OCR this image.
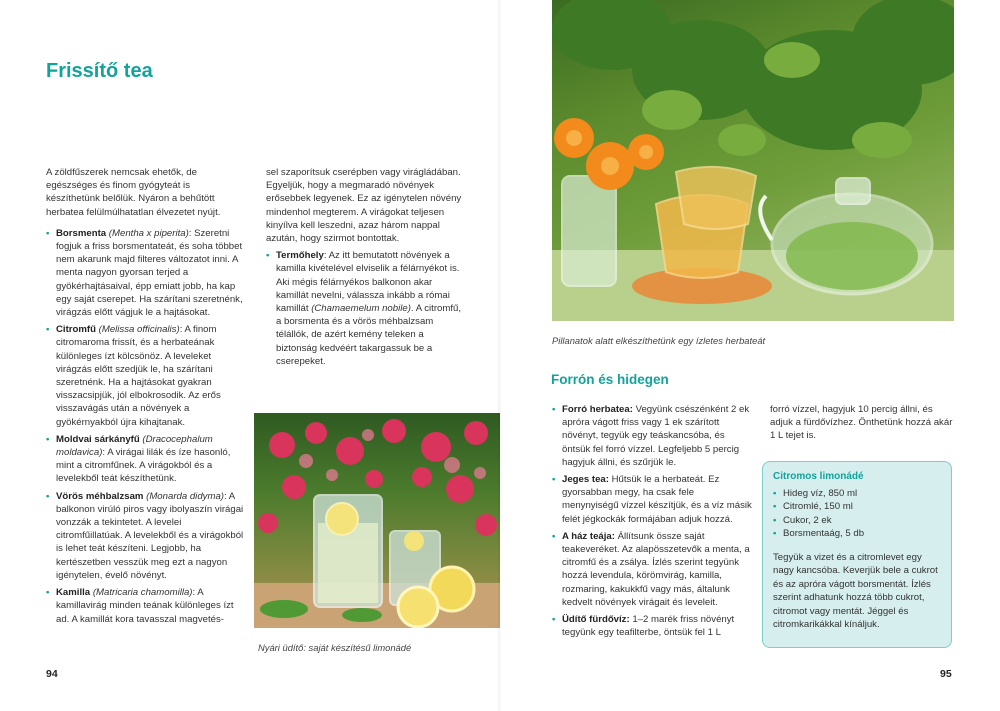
Frissítő tea

A zöldfűszerek nemcsak ehetők, de egészséges és finom gyógyteát is készíthetünk belőlük. Nyáron a behűtött herbatea felülmúlhatatlan élvezetet nyújt.

• Borsmenta (Mentha x piperita): Szeretni fogjuk a friss borsmentateát, és soha többet nem akarunk majd filteres változatot inni. A menta nagyon gyorsan terjed a gyökérhajtásaival, épp emiatt jobb, ha kap egy saját cserepet. Ha szárítani szeretnénk, virágzás előtt vágjuk le a hajtásokat.
• Citromfű (Melissa officinalis): A finom citromaroma frissít, és a herbateának különleges ízt kölcsönöz. A leveleket virágzás előtt szedjük le, ha szárítani szeretnénk. Ha a hajtásokat gyakran visszacsipjük, jól elbokrosodik. Az erős visszavágás után a növények a gyökérnyakból újra kihajtanak.
• Moldvai sárkányfű (Dracocephalum moldavica): A virágai lilák és íze hasonló, mint a citromfűnek. A virágokból és a levelekből teát készíthetünk.
• Vörös méhbalzsam (Monarda didyma): A balkonon virúló piros vagy ibolyaszín virágai vonzzák a tekintetet. A levelei citromfűillatúak. A levelekből és a virágokból is lehet teát készíteni. Legjobb, ha kertészetben vesszük meg ezt a nagyon igénytelen, évelő növényt.
• Kamilla (Matricaria chamomilla): A kamillavirág minden teának különleges ízt ad. A kamillát kora tavasszal magvetés-

sel szaporítsuk cserépben vagy virágládában. Egyeljük, hogy a megmaradó növények erősebbek legyenek. Ez az igénytelen növény mindenhol megterem. A virágokat teljesen kinyílva kell leszedni, azaz három nappal azután, hogy szirmot bontottak.

• Termőhely: Az itt bemutatott növények a kamilla kivételével elviselik a félárnyékot is. Aki mégis félárnyékos balkonon akar kamillát nevelni, válassza inkább a római kamillát (Chamaemelum nobile). A citromfű, a borsmenta és a vörös méhbalzsam télállók, de azért kemény teleken a biztonság kedvéért takargassuk be a cserepeket.
Nyári üdítő: saját készítésű limonádé
94
Pillanatok alatt elkészíthetünk egy ízletes herbateát
Forrón és hidegen
• Forró herbatea: Vegyünk csészénként 2 ek apróra vágott friss vagy 1 ek szárított növényt, tegyük egy teáskancsóba, és öntsük fel forró vízzel. Legfeljebb 5 percig hagyjuk állni, és szűrjük le.
• Jeges tea: Hűtsük le a herbateát. Ez gyorsabban megy, ha csak fele menynyiségű vízzel készítjük, és a víz másik felét jégkockák formájában adjuk hozzá.
• A ház teája: Állítsunk össze saját teakeveréket. Az alapösszetevők a menta, a citromfű és a zsálya. Ízlés szerint tegyünk hozzá levendula, körömvirág, kamilla, rozmaring, kakukkfű vagy más, általunk kedvelt növények virágait és leveleit.
• Üdítő fürdővíz: 1–2 marék friss növényt tegyünk egy teafilterbe, öntsük fel 1 L

forró vízzel, hagyjuk 10 percig állni, és adjuk a fürdővízhez. Önthetünk hozzá akár 1 L tejet is.

Citromos limonádé
• Hideg víz, 850 ml
• Citromlé, 150 ml
• Cukor, 2 ek
• Borsmentaág, 5 db

Tegyük a vizet és a citromlevet egy nagy kancsóba. Keverjük bele a cukrot és az apróra vágott borsmentát. Ízlés szerint adhatunk hozzá több cukrot, citromot vagy mentát. Jéggel és citromkarikákkal kínáljuk.

95
